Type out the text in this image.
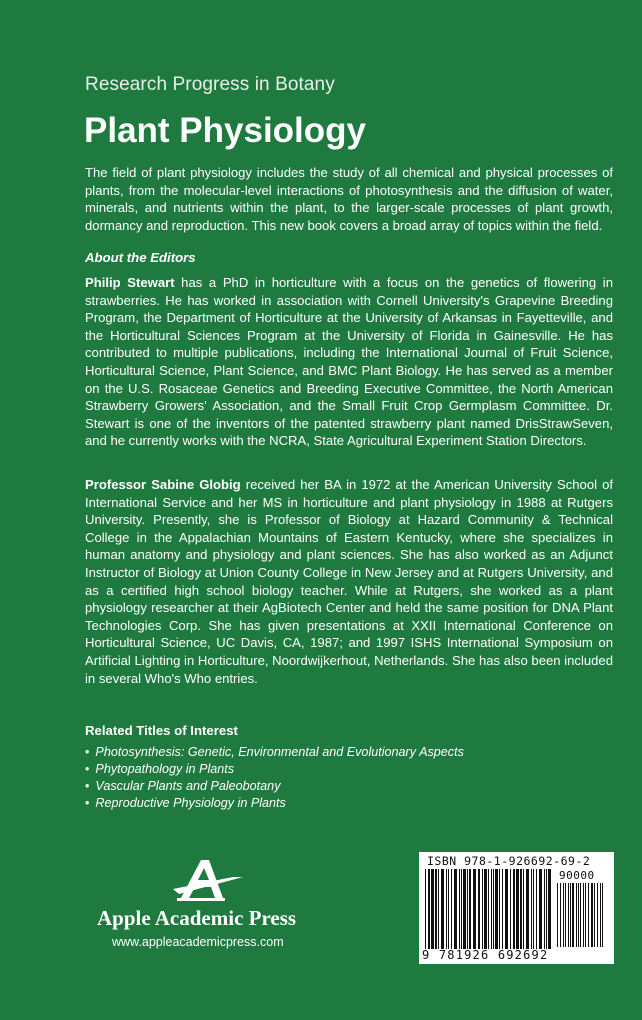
Research Progress in Botany
Plant Physiology
The field of plant physiology includes the study of all chemical and physical processes of plants, from the molecular-level interactions of photosynthesis and the diffusion of water, minerals, and nutrients within the plant, to the larger-scale processes of plant growth, dormancy and reproduction. This new book covers a broad array of topics within the field.
About the Editors
Philip Stewart has a PhD in horticulture with a focus on the genetics of flowering in strawberries. He has worked in association with Cornell University's Grapevine Breeding Program, the Department of Horticulture at the University of Arkansas in Fayetteville, and the Horticultural Sciences Program at the University of Florida in Gainesville. He has contributed to multiple publications, including the International Journal of Fruit Science, Horticultural Science, Plant Science, and BMC Plant Biology. He has served as a member on the U.S. Rosaceae Genetics and Breeding Executive Committee, the North American Strawberry Growers' Association, and the Small Fruit Crop Germplasm Committee. Dr. Stewart is one of the inventors of the patented strawberry plant named DrisStrawSeven, and he currently works with the NCRA, State Agricultural Experiment Station Directors.
Professor Sabine Globig received her BA in 1972 at the American University School of International Service and her MS in horticulture and plant physiology in 1988 at Rutgers University. Presently, she is Professor of Biology at Hazard Community & Technical College in the Appalachian Mountains of Eastern Kentucky, where she specializes in human anatomy and physiology and plant sciences. She has also worked as an Adjunct Instructor of Biology at Union County College in New Jersey and at Rutgers University, and as a certified high school biology teacher. While at Rutgers, she worked as a plant physiology researcher at their AgBiotech Center and held the same position for DNA Plant Technologies Corp. She has given presentations at XXII International Conference on Horticultural Science, UC Davis, CA, 1987; and 1997 ISHS International Symposium on Artificial Lighting in Horticulture, Noordwijkerhout, Netherlands. She has also been included in several Who's Who entries.
Related Titles of Interest
• Photosynthesis: Genetic, Environmental and Evolutionary Aspects
• Phytopathology in Plants
• Vascular Plants and Paleobotany
• Reproductive Physiology in Plants
Apple Academic Press
www.appleacademicpress.com
ISBN 978-1-926692-69-2
90000
9 781926 692692
